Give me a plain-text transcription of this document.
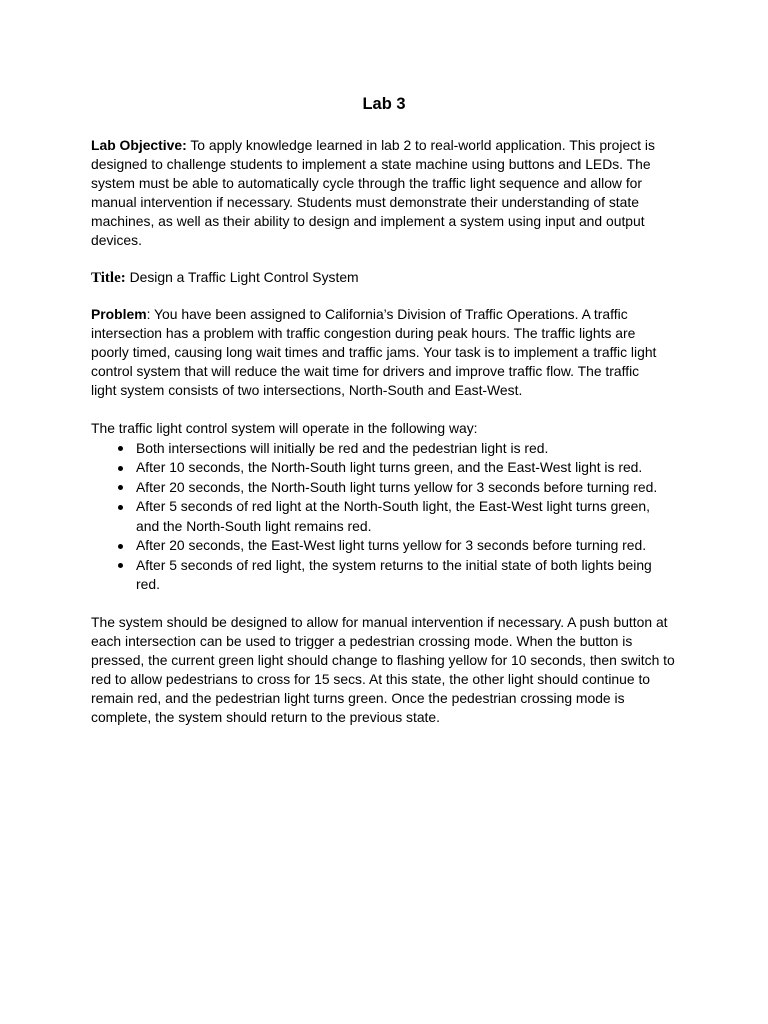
Lab 3
Lab Objective: To apply knowledge learned in lab 2 to real-world application. This project is
designed to challenge students to implement a state machine using buttons and LEDs. The
system must be able to automatically cycle through the traffic light sequence and allow for
manual intervention if necessary. Students must demonstrate their understanding of state
machines, as well as their ability to design and implement a system using input and output
devices.
Title: Design a Traffic Light Control System
Problem: You have been assigned to California’s Division of Traffic Operations. A traffic
intersection has a problem with traffic congestion during peak hours. The traffic lights are
poorly timed, causing long wait times and traffic jams. Your task is to implement a traffic light
control system that will reduce the wait time for drivers and improve traffic flow. The traffic
light system consists of two intersections, North-South and East-West.
The traffic light control system will operate in the following way:
Both intersections will initially be red and the pedestrian light is red.
After 10 seconds, the North-South light turns green, and the East-West light is red.
After 20 seconds, the North-South light turns yellow for 3 seconds before turning red.
After 5 seconds of red light at the North-South light, the East-West light turns green,
and the North-South light remains red.
After 20 seconds, the East-West light turns yellow for 3 seconds before turning red.
After 5 seconds of red light, the system returns to the initial state of both lights being
red.
The system should be designed to allow for manual intervention if necessary. A push button at
each intersection can be used to trigger a pedestrian crossing mode. When the button is
pressed, the current green light should change to flashing yellow for 10 seconds, then switch to
red to allow pedestrians to cross for 15 secs. At this state, the other light should continue to
remain red, and the pedestrian light turns green. Once the pedestrian crossing mode is
complete, the system should return to the previous state.
